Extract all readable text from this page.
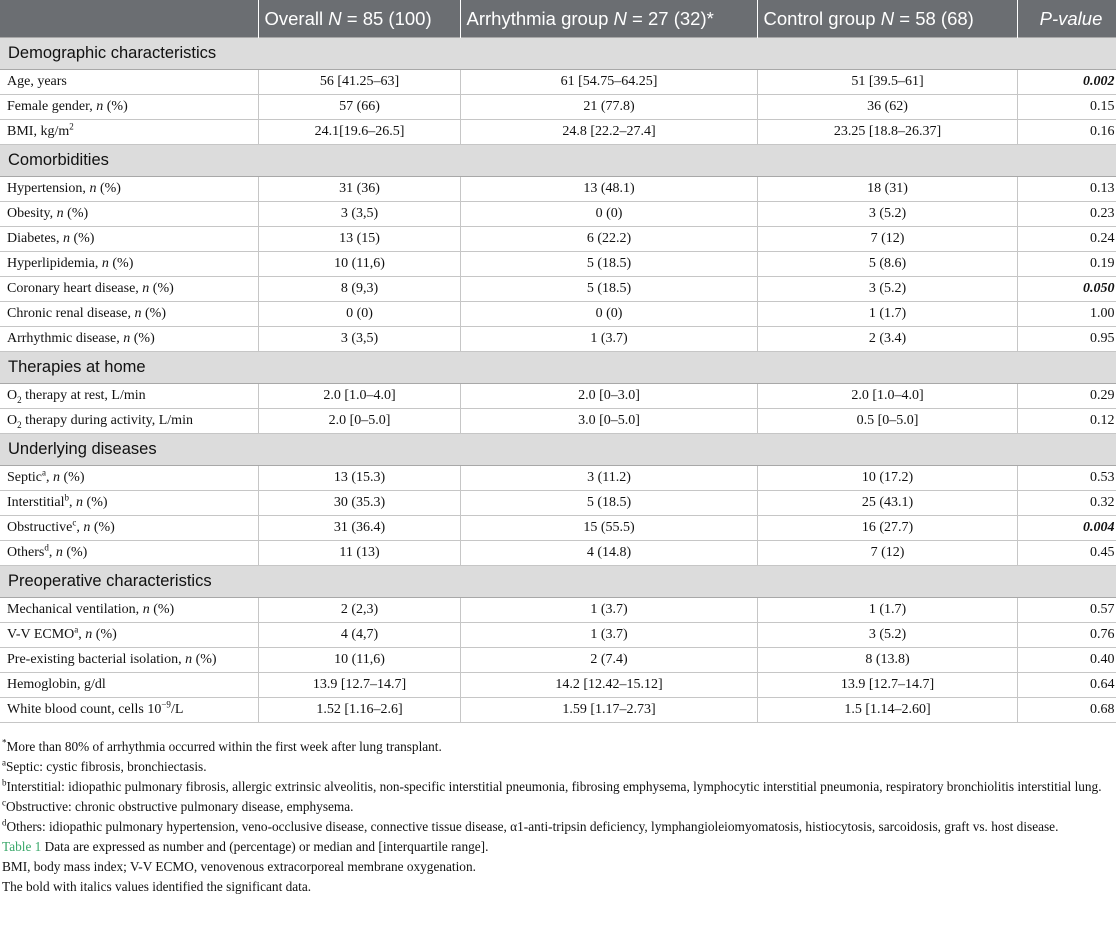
	Overall N = 85 (100)	Arrhythmia group N = 27 (32)*	Control group N = 58 (68)	P-value
Demographic characteristics				
Age, years	56 [41.25–63]	61 [54.75–64.25]	51 [39.5–61]	0.002
Female gender, n (%)	57 (66)	21 (77.8)	36 (62)	0.15
BMI, $kg/m^2$	24.1[19.6–26.5]	24.8 [22.2–27.4]	23.25 [18.8–26.37]	0.16
Comorbidities				
Hypertension, n (%)	31 (36)	13 (48.1)	18 (31)	0.13
Obesity, n (%)	3 (3,5)	0 (0)	3 (5.2)	0.23
Diabetes, n (%)	13 (15)	6 (22.2)	7 (12)	0.24
Hyperlipidemia, n (%)	10 (11,6)	5 (18.5)	5 (8.6)	0.19
Coronary heart disease, n (%)	8 (9,3)	5 (18.5)	3 (5.2)	0.050
Chronic renal disease, n (%)	0 (0)	0 (0)	1 (1.7)	1.00
Arrhythmic disease, n (%)	3 (3,5)	1 (3.7)	2 (3.4)	0.95
Therapies at home				
$O_2$ therapy at rest, L/min	2.0 [1.0–4.0]	2.0 [0–3.0]	2.0 [1.0–4.0]	0.29
$O_2$ therapy during activity, L/min	2.0 [0–5.0]	3.0 [0–5.0]	0.5 [0–5.0]	0.12
Underlying diseases				
Septic$^a$, n (%)	13 (15.3)	3 (11.2)	10 (17.2)	0.53
Interstitial$^b$, n (%)	30 (35.3)	5 (18.5)	25 (43.1)	0.32
Obstructive$^c$, n (%)	31 (36.4)	15 (55.5)	16 (27.7)	0.004
Others$^d$, n (%)	11 (13)	4 (14.8)	7 (12)	0.45
Preoperative characteristics				
Mechanical ventilation, n (%)	2 (2,3)	1 (3.7)	1 (1.7)	0.57
V-V ECMO$^a$, n (%)	4 (4,7)	1 (3.7)	3 (5.2)	0.76
Pre-existing bacterial isolation, n (%)	10 (11,6)	2 (7.4)	8 (13.8)	0.40
Hemoglobin, g/dl	13.9 [12.7–14.7]	14.2 [12.42–15.12]	13.9 [12.7–14.7]	0.64
White blood count, cells $10^{-9}/L$	1.52 [1.16–2.6]	1.59 [1.17–2.73]	1.5 [1.14–2.60]	0.68

*More than 80% of arrhythmia occurred within the first week after lung transplant.

$^a$Septic: cystic fibrosis, bronchiectasis.

$^b$Interstitial: idiopathic pulmonary fibrosis, allergic extrinsic alveolitis, non-specific interstitial pneumonia, fibrosing emphysema, lymphocytic interstitial pneumonia, respiratory bronchiolitis interstitial lung.

$^c$Obstructive: chronic obstructive pulmonary disease, emphysema.

$^d$Others: idiopathic pulmonary hypertension, veno-occlusive disease, connective tissue disease, α1-anti-tripsin deficiency, lymphangioleiomyomatosis, histiocytosis, sarcoidosis, graft vs. host disease.

Table 1 Data are expressed as number and (percentage) or median and [interquartile range].

BMI, body mass index; V-V ECMO, venovenous extracorporeal membrane oxygenation.

The bold with italics values identified the significant data.
